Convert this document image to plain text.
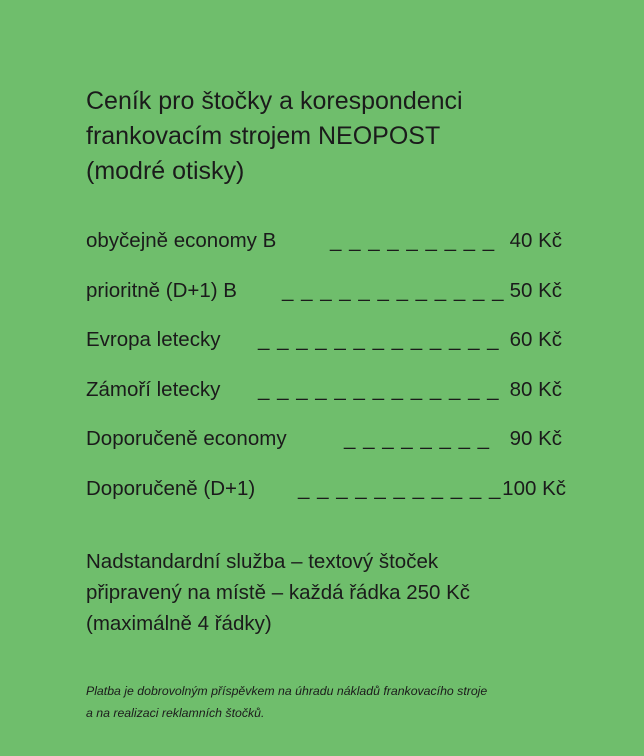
Ceník pro štočky a korespondenci
frankovacím strojem NEOPOST
(modré otisky)
obyčejně economy B	_ _ _ _ _ _ _ _ _ 40 Kč
prioritně (D+1) B _ _ _ _ _ _ _ _ _ _ _ _ 50 Kč
Evropa letecky _ _ _ _ _ _ _ _ _ _ _ _ _ 60 Kč
Zámoří letecky _ _ _ _ _ _ _ _ _ _ _ _ _ 80 Kč
Doporučeně economy	_ _ _ _ _ _ _ _ 90 Kč
Doporučeně (D+1) _ _ _ _ _ _ _ _ _ _ _ 100 Kč

Nadstandardní služba – textový štoček
připravený na místě – každá řádka 250 Kč
(maximálně 4 řádky)

Platba je dobrovolným příspěvkem na úhradu nákladů frankovacího stroje
a na realizaci reklamních štočků.
